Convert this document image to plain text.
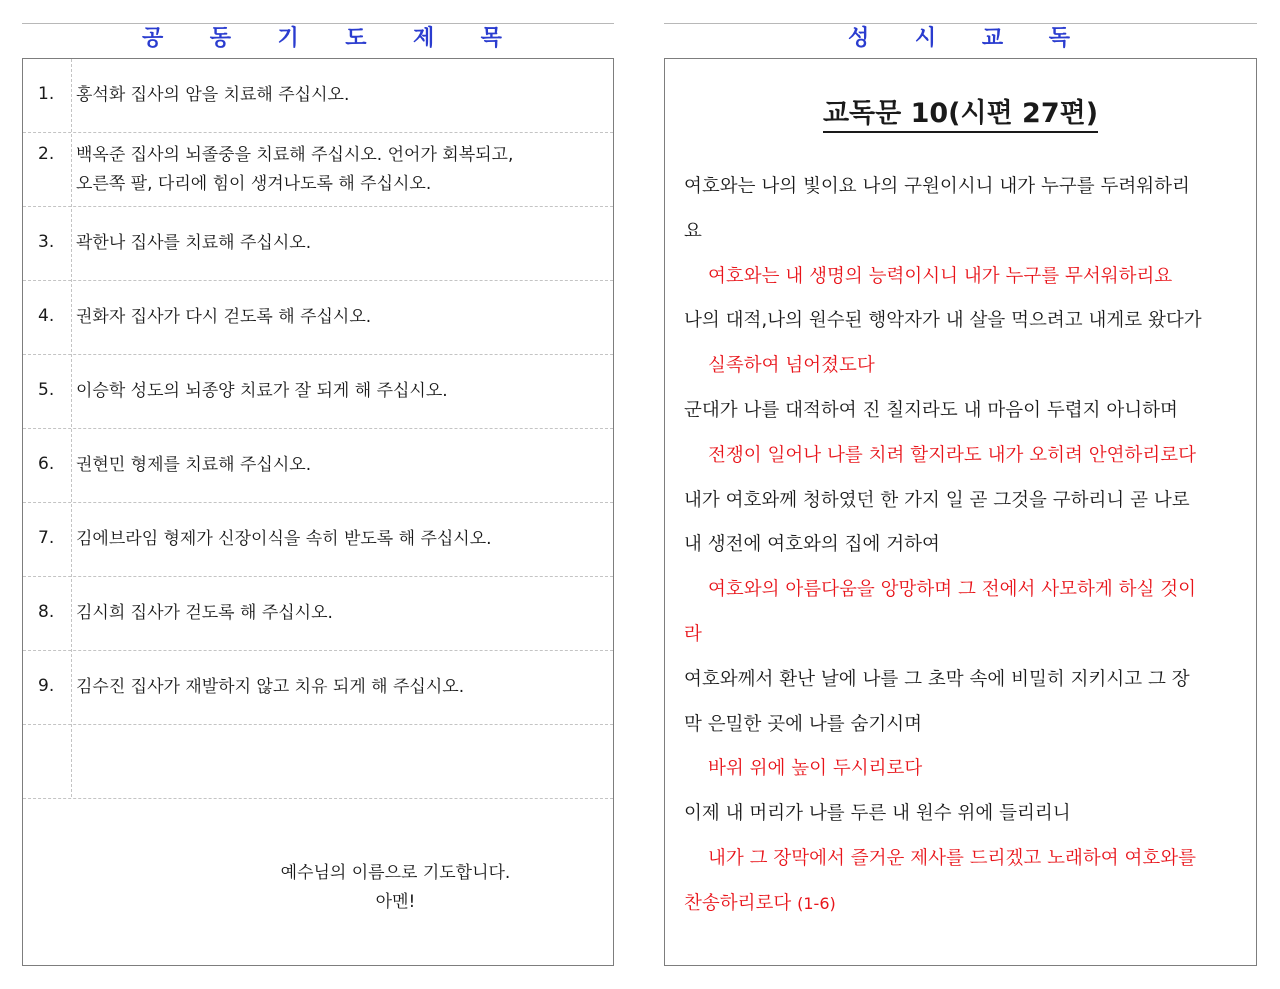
공 동 기 도 제 목	성 시 교 독
1.	홍석화 집사의 암을 치료해 주십시오.
2.	백옥준 집사의 뇌졸중을 치료해 주십시오. 언어가 회복되고,
오른쪽 팔, 다리에 힘이 생겨나도록 해 주십시오.
3.	곽한나 집사를 치료해 주십시오.
4.	권화자 집사가 다시 걷도록 해 주십시오.
5.	이승학 성도의 뇌종양 치료가 잘 되게 해 주십시오.
6.	권현민 형제를 치료해 주십시오.
7.	김에브라임 형제가 신장이식을 속히 받도록 해 주십시오.
8.	김시희 집사가 걷도록 해 주십시오.
9.	김수진 집사가 재발하지 않고 치유 되게 해 주십시오.
예수님의 이름으로 기도합니다.
아멘!
교독문 10(시편 27편)
여호와는 나의 빛이요 나의 구원이시니 내가 누구를 두려워하리
요
여호와는 내 생명의 능력이시니 내가 누구를 무서워하리요
나의 대적,나의 원수된 행악자가 내 살을 먹으려고 내게로 왔다가
실족하여 넘어졌도다
군대가 나를 대적하여 진 칠지라도 내 마음이 두렵지 아니하며
전쟁이 일어나 나를 치려 할지라도 내가 오히려 안연하리로다
내가 여호와께 청하였던 한 가지 일 곧 그것을 구하리니 곧 나로
내 생전에 여호와의 집에 거하여
여호와의 아름다움을 앙망하며 그 전에서 사모하게 하실 것이
라
여호와께서 환난 날에 나를 그 초막 속에 비밀히 지키시고 그 장
막 은밀한 곳에 나를 숨기시며
바위 위에 높이 두시리로다
이제 내 머리가 나를 두른 내 원수 위에 들리리니
내가 그 장막에서 즐거운 제사를 드리겠고 노래하여 여호와를
찬송하리로다 (1-6)
